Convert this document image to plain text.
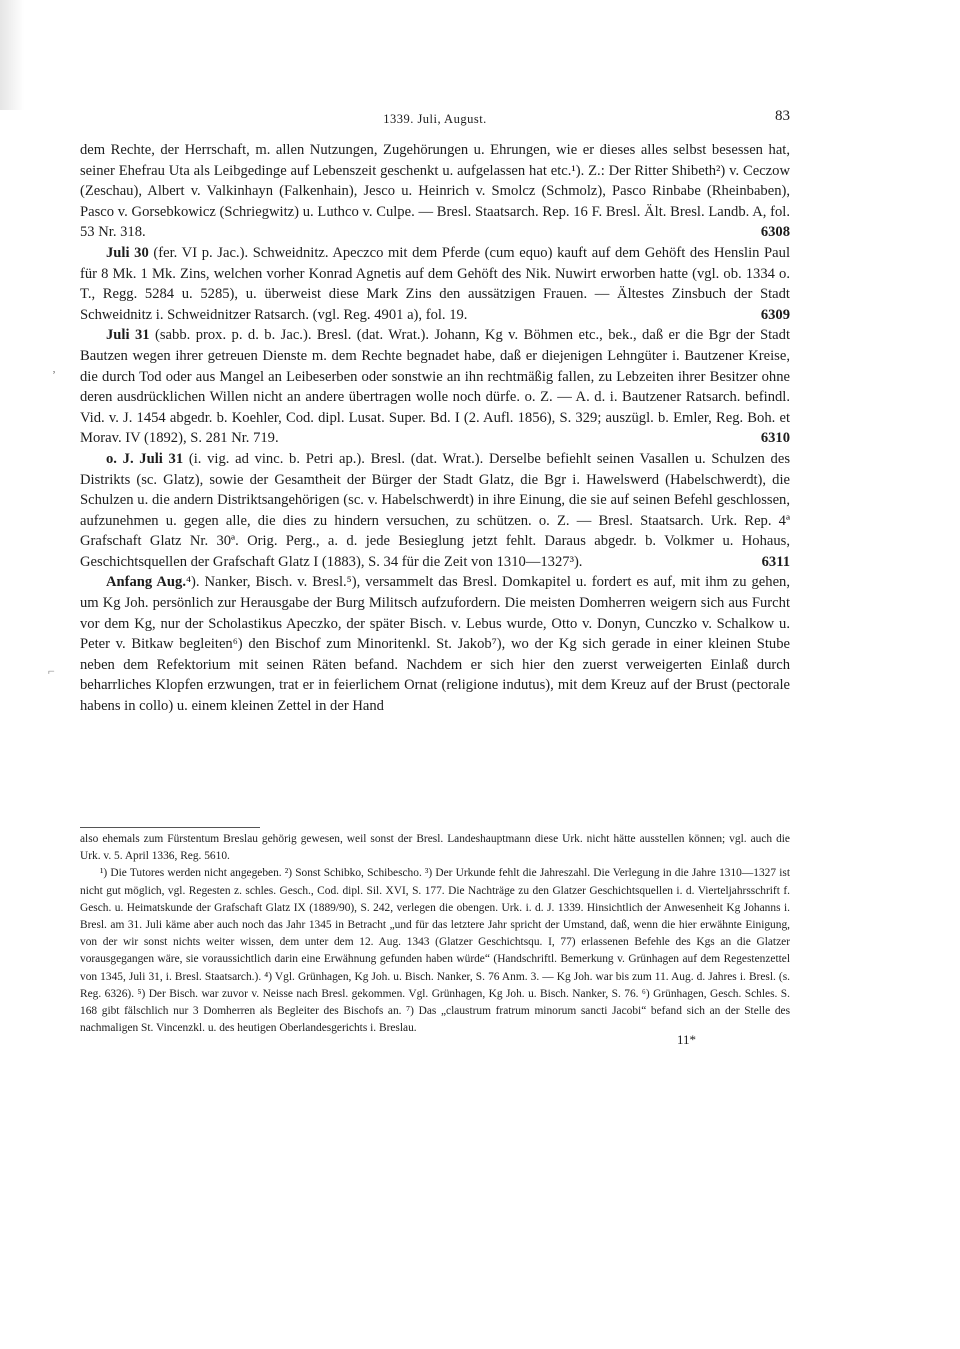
1339. Juli, August.	83

dem Rechte, der Herrschaft, m. allen Nutzungen, Zugehörungen u. Ehrungen, wie er dieses alles selbst besessen hat, seiner Ehefrau Uta als Leibgedinge auf Lebenszeit geschenkt u. aufgelassen hat etc.¹). Z.: Der Ritter Shibeth²) v. Ceczow (Zeschau), Albert v. Valkinhayn (Falkenhain), Jesco u. Heinrich v. Smolcz (Schmolz), Pasco Rinbabe (Rheinbaben), Pasco v. Gorsebkowicz (Schriegwitz) u. Luthco v. Culpe. — Bresl. Staatsarch. Rep. 16 F. Bresl. Ält. Bresl. Landb. A, fol. 53 Nr. 318.	6308

Juli 30 (fer. VI p. Jac.). Schweidnitz. Apeczco mit dem Pferde (cum equo) kauft auf dem Gehöft des Henslin Paul für 8 Mk. 1 Mk. Zins, welchen vorher Konrad Agnetis auf dem Gehöft des Nik. Nuwirt erworben hatte (vgl. ob. 1334 o. T., Regg. 5284 u. 5285), u. überweist diese Mark Zins den aussätzigen Frauen. — Ältestes Zinsbuch der Stadt Schweidnitz i. Schweidnitzer Ratsarch. (vgl. Reg. 4901 a), fol. 19.	6309

Juli 31 (sabb. prox. p. d. b. Jac.). Bresl. (dat. Wrat.). Johann, Kg v. Böhmen etc., bek., daß er die Bgr der Stadt Bautzen wegen ihrer getreuen Dienste m. dem Rechte begnadet habe, daß er diejenigen Lehngüter i. Bautzener Kreise, die durch Tod oder aus Mangel an Leibeserben oder sonstwie an ihn rechtmäßig fallen, zu Lebzeiten ihrer Besitzer ohne deren ausdrücklichen Willen nicht an andere übertragen wolle noch dürfe. o. Z. — A. d. i. Bautzener Ratsarch. befindl. Vid. v. J. 1454 abgedr. b. Koehler, Cod. dipl. Lusat. Super. Bd. I (2. Aufl. 1856), S. 329; auszügl. b. Emler, Reg. Boh. et Morav. IV (1892), S. 281 Nr. 719.	6310

o. J. Juli 31 (i. vig. ad vinc. b. Petri ap.). Bresl. (dat. Wrat.). Derselbe befiehlt seinen Vasallen u. Schulzen des Distrikts (sc. Glatz), sowie der Gesamtheit der Bürger der Stadt Glatz, die Bgr i. Hawelswerd (Habelschwerdt), die Schulzen u. die andern Distriktsangehörigen (sc. v. Habelschwerdt) in ihre Einung, die sie auf seinen Befehl geschlossen, aufzunehmen u. gegen alle, die dies zu hindern versuchen, zu schützen. o. Z. — Bresl. Staatsarch. Urk. Rep. 4ª Grafschaft Glatz Nr. 30ª. Orig. Perg., a. d. jede Besieglung jetzt fehlt. Daraus abgedr. b. Volkmer u. Hohaus, Geschichtsquellen der Grafschaft Glatz I (1883), S. 34 für die Zeit von 1310—1327³).	6311

Anfang Aug.⁴). Nanker, Bisch. v. Bresl.⁵), versammelt das Bresl. Domkapitel u. fordert es auf, mit ihm zu gehen, um Kg Joh. persönlich zur Herausgabe der Burg Militsch aufzufordern. Die meisten Domherren weigern sich aus Furcht vor dem Kg, nur der Scholastikus Apeczko, der später Bisch. v. Lebus wurde, Otto v. Donyn, Cunczko v. Schalkow u. Peter v. Bitkaw begleiten⁶) den Bischof zum Minoritenkl. St. Jakob⁷), wo der Kg sich gerade in einer kleinen Stube neben dem Refektorium mit seinen Räten befand. Nachdem er sich hier den zuerst verweigerten Einlaß durch beharrliches Klopfen erzwungen, trat er in feierlichem Ornat (religione indutus), mit dem Kreuz auf der Brust (pectorale habens in collo) u. einem kleinen Zettel in der Hand

also ehemals zum Fürstentum Breslau gehörig gewesen, weil sonst der Bresl. Landeshauptmann diese Urk. nicht hätte ausstellen können; vgl. auch die Urk. v. 5. April 1336, Reg. 5610.

¹) Die Tutores werden nicht angegeben. ²) Sonst Schibko, Schibescho. ³) Der Urkunde fehlt die Jahreszahl. Die Verlegung in die Jahre 1310—1327 ist nicht gut möglich, vgl. Regesten z. schles. Gesch., Cod. dipl. Sil. XVI, S. 177. Die Nachträge zu den Glatzer Geschichtsquellen i. d. Vierteljahrsschrift f. Gesch. u. Heimatskunde der Grafschaft Glatz IX (1889/90), S. 242, verlegen die obengen. Urk. i. d. J. 1339. Hinsichtlich der Anwesenheit Kg Johanns i. Bresl. am 31. Juli käme aber auch noch das Jahr 1345 in Betracht „und für das letztere Jahr spricht der Umstand, daß, wenn die hier erwähnte Einigung, von der wir sonst nichts weiter wissen, dem unter dem 12. Aug. 1343 (Glatzer Geschichtsqu. I, 77) erlassenen Befehle des Kgs an die Glatzer vorausgegangen wäre, sie voraussichtlich darin eine Erwähnung gefunden haben würde“ (Handschriftl. Bemerkung v. Grünhagen auf dem Regestenzettel von 1345, Juli 31, i. Bresl. Staatsarch.). ⁴) Vgl. Grünhagen, Kg Joh. u. Bisch. Nanker, S. 76 Anm. 3. — Kg Joh. war bis zum 11. Aug. d. Jahres i. Bresl. (s. Reg. 6326). ⁵) Der Bisch. war zuvor v. Neisse nach Bresl. gekommen. Vgl. Grünhagen, Kg Joh. u. Bisch. Nanker, S. 76. ⁶) Grünhagen, Gesch. Schles. S. 168 gibt fälschlich nur 3 Domherren als Begleiter des Bischofs an. ⁷) Das „claustrum fratrum minorum sancti Jacobi“ befand sich an der Stelle des nachmaligen St. Vincenzkl. u. des heutigen Oberlandesgerichts i. Breslau.

11*
‚
⌐
